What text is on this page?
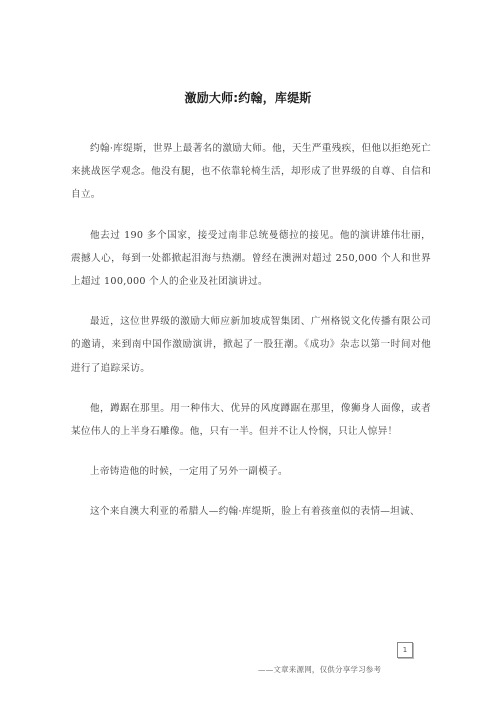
激励大师:约翰，库缇斯

约翰·库缇斯，世界上最著名的激励大师。他，天生严重残疾，但他以拒绝死亡来挑战医学观念。他没有腿，也不依靠轮椅生活，却形成了世界级的自尊、自信和自立。

他去过 190 多个国家，接受过南非总统曼德拉的接见。他的演讲雄伟壮丽，震撼人心，每到一处都掀起泪海与热潮。曾经在澳洲对超过 250,000 个人和世界上超过 100,000 个人的企业及社团演讲过。

最近，这位世界级的激励大师应新加坡成智集团、广州格锐文化传播有限公司的邀请，来到南中国作激励演讲，掀起了一股狂潮。《成功》杂志以第一时间对他进行了追踪采访。

他，蹲踞在那里。用一种伟大、优异的风度蹲踞在那里，像狮身人面像，或者某位伟人的上半身石雕像。他，只有一半。但并不让人怜悯，只让人惊异！

上帝铸造他的时候，一定用了另外一副模子。

这个来自澳大利亚的希腊人—约翰·库缇斯，脸上有着孩童似的表情—坦诚、

1
——文章来源网，仅供分享学习参考
